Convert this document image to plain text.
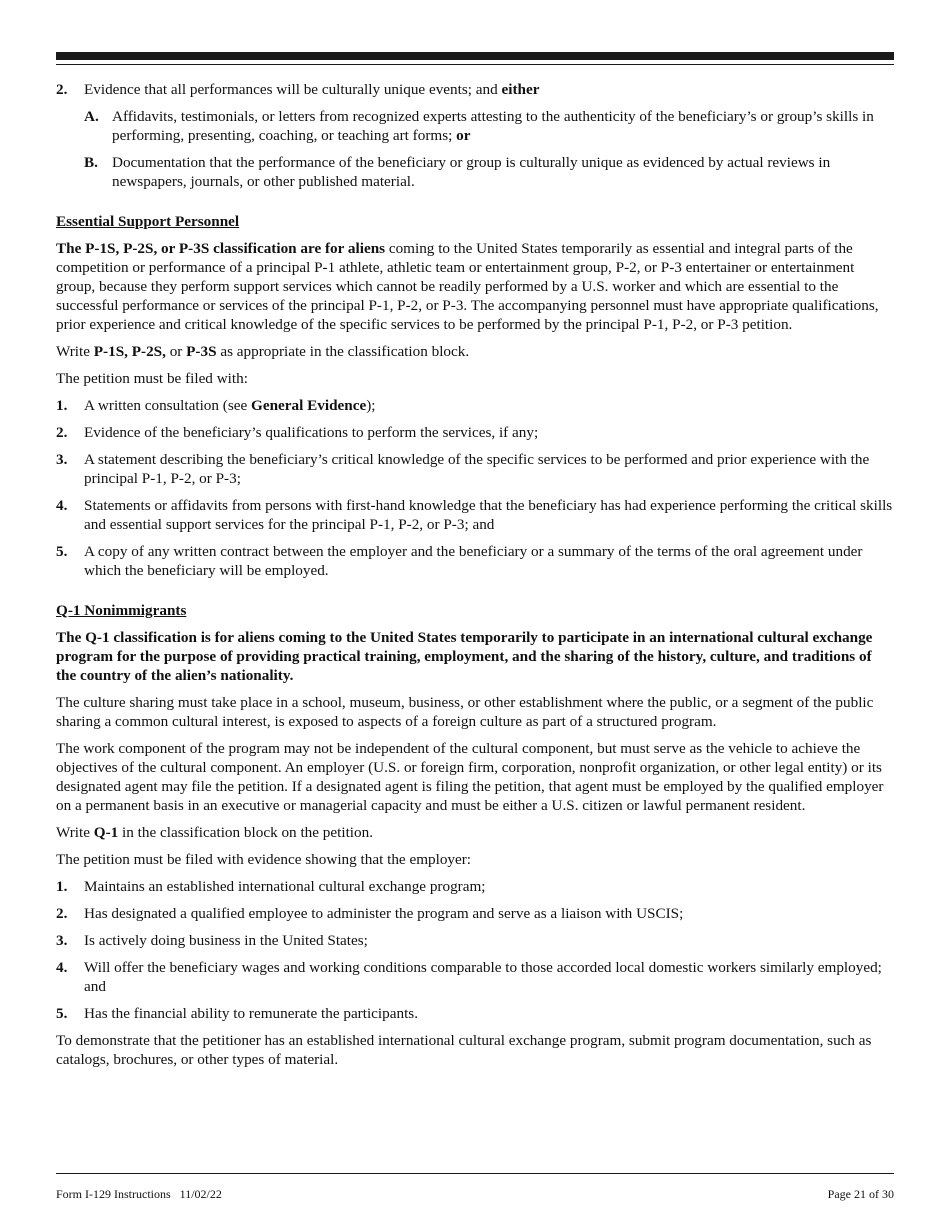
2.	Evidence that all performances will be culturally unique events; and either
A. Affidavits, testimonials, or letters from recognized experts attesting to the authenticity of the beneficiary’s or group’s skills in performing, presenting, coaching, or teaching art forms; or
B. Documentation that the performance of the beneficiary or group is culturally unique as evidenced by actual reviews in newspapers, journals, or other published material.
Essential Support Personnel

The P-1S, P-2S, or P-3S classification are for aliens coming to the United States temporarily as essential and integral parts of the competition or performance of a principal P-1 athlete, athletic team or entertainment group, P-2, or P-3 entertainer or entertainment group, because they perform support services which cannot be readily performed by a U.S. worker and which are essential to the successful performance or services of the principal P-1, P-2, or P-3. The accompanying personnel must have appropriate qualifications, prior experience and critical knowledge of the specific services to be performed by the principal P-1, P-2, or P-3 petition.

Write P-1S, P-2S, or P-3S as appropriate in the classification block.

The petition must be filed with:

1.	A written consultation (see General Evidence);
2.	Evidence of the beneficiary’s qualifications to perform the services, if any;
3.	A statement describing the beneficiary’s critical knowledge of the specific services to be performed and prior experience with the principal P-1, P-2, or P-3;
4.	Statements or affidavits from persons with first-hand knowledge that the beneficiary has had experience performing the critical skills and essential support services for the principal P-1, P-2, or P-3; and
5.	A copy of any written contract between the employer and the beneficiary or a summary of the terms of the oral agreement under which the beneficiary will be employed.
Q-1 Nonimmigrants

The Q-1 classification is for aliens coming to the United States temporarily to participate in an international cultural exchange program for the purpose of providing practical training, employment, and the sharing of the history, culture, and traditions of the country of the alien’s nationality.

The culture sharing must take place in a school, museum, business, or other establishment where the public, or a segment of the public sharing a common cultural interest, is exposed to aspects of a foreign culture as part of a structured program.

The work component of the program may not be independent of the cultural component, but must serve as the vehicle to achieve the objectives of the cultural component. An employer (U.S. or foreign firm, corporation, nonprofit organization, or other legal entity) or its designated agent may file the petition. If a designated agent is filing the petition, that agent must be employed by the qualified employer on a permanent basis in an executive or managerial capacity and must be either a U.S. citizen or lawful permanent resident.

Write Q-1 in the classification block on the petition.

The petition must be filed with evidence showing that the employer:

1.	Maintains an established international cultural exchange program;
2.	Has designated a qualified employee to administer the program and serve as a liaison with USCIS;
3.	Is actively doing business in the United States;
4.	Will offer the beneficiary wages and working conditions comparable to those accorded local domestic workers similarly employed; and
5.	Has the financial ability to remunerate the participants.

To demonstrate that the petitioner has an established international cultural exchange program, submit program documentation, such as catalogs, brochures, or other types of material.

Form I-129 Instructions   11/02/22	Page 21 of 30
